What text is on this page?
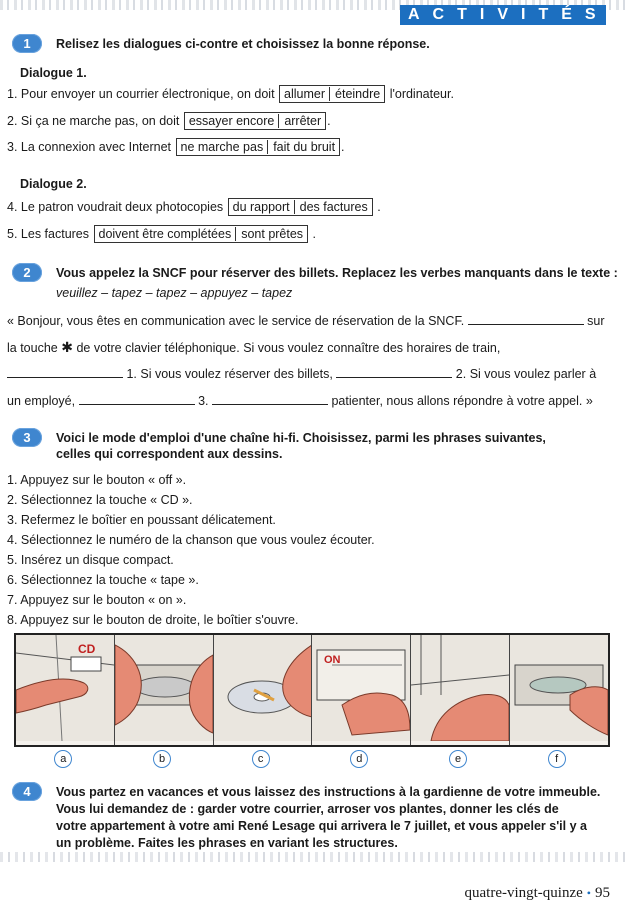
ACTIVITÉS
1	Relisez les dialogues ci-contre et choisissez la bonne réponse.
Dialogue 1.
1. Pour envoyer un courrier électronique, on doit allumer éteindre l'ordinateur.
2. Si ça ne marche pas, on doit essayer encore arrêter .
3. La connexion avec Internet ne marche pas fait du bruit .
Dialogue 2.
4. Le patron voudrait deux photocopies du rapport des factures .
5. Les factures doivent être complétées sont prêtes .
2	Vous appelez la SNCF pour réserver des billets. Replacez les verbes manquants dans le texte :
veuillez – tapez – tapez – appuyez – tapez
« Bonjour, vous êtes en communication avec le service de réservation de la SNCF.	sur
la touche ✱ de votre clavier téléphonique. Si vous voulez connaître des horaires de train,
1. Si vous voulez réserver des billets,	2. Si vous voulez parler à
un employé,	3.	patienter, nous allons répondre à votre appel. »
3	Voici le mode d'emploi d'une chaîne hi-fi. Choisissez, parmi les phrases suivantes,
celles qui correspondent aux dessins.
1. Appuyez sur le bouton « off ».
2. Sélectionnez la touche « CD ».
3. Refermez le boîtier en poussant délicatement.
4. Sélectionnez le numéro de la chanson que vous voulez écouter.
5. Insérez un disque compact.
6. Sélectionnez la touche « tape ».
7. Appuyez sur le bouton « on ».
8. Appuyez sur le bouton de droite, le boîtier s'ouvre.
CD
ON
a	b	c	d	e	f
4	Vous partez en vacances et vous laissez des instructions à la gardienne de votre immeuble.
Vous lui demandez de : garder votre courrier, arroser vos plantes, donner les clés de
votre appartement à votre ami René Lesage qui arrivera le 7 juillet, et vous appeler s'il y a
un problème. Faites les phrases en variant les structures.
quatre-vingt-quinze • 95
